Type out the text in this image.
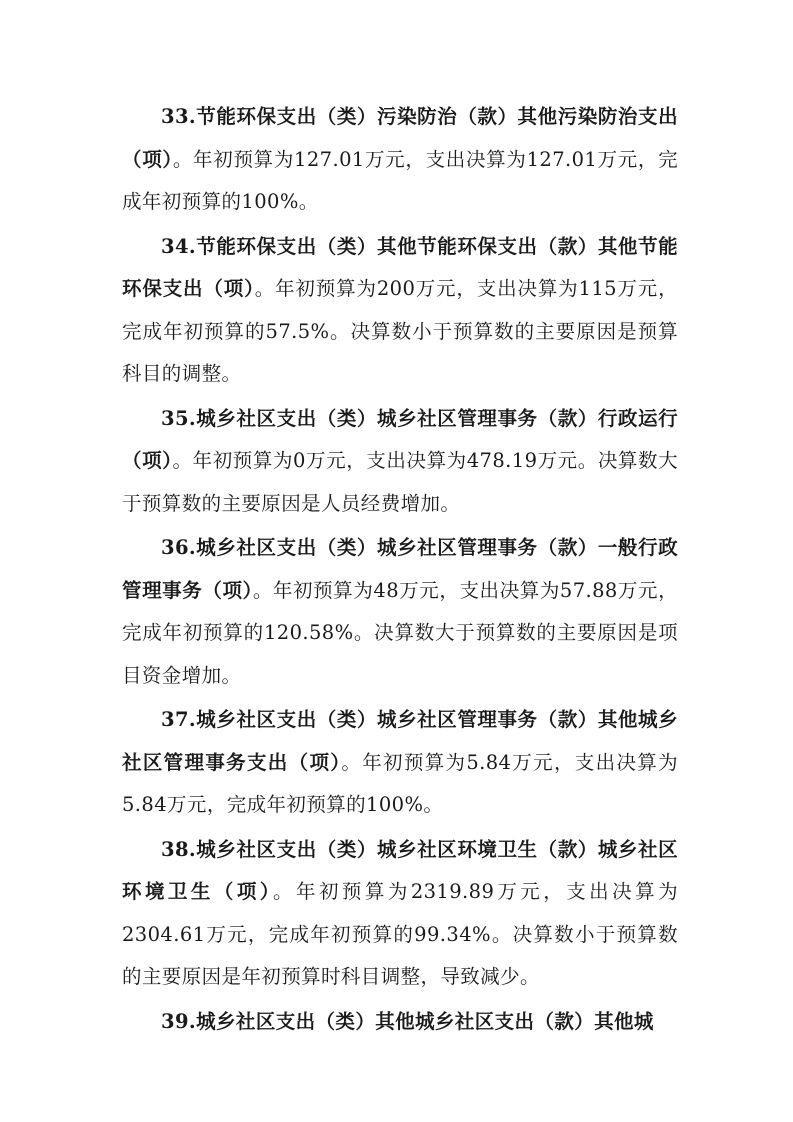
33.节能环保支出（类）污染防治（款）其他污染防治支出（项）。年初预算为127.01万元，支出决算为127.01万元，完成年初预算的100%。

34.节能环保支出（类）其他节能环保支出（款）其他节能环保支出（项）。年初预算为200万元，支出决算为115万元，完成年初预算的57.5%。决算数小于预算数的主要原因是预算科目的调整。

35.城乡社区支出（类）城乡社区管理事务（款）行政运行（项）。年初预算为0万元，支出决算为478.19万元。决算数大于预算数的主要原因是人员经费增加。

36.城乡社区支出（类）城乡社区管理事务（款）一般行政管理事务（项）。年初预算为48万元，支出决算为57.88万元，完成年初预算的120.58%。决算数大于预算数的主要原因是项目资金增加。

37.城乡社区支出（类）城乡社区管理事务（款）其他城乡社区管理事务支出（项）。年初预算为5.84万元，支出决算为5.84万元，完成年初预算的100%。

38.城乡社区支出（类）城乡社区环境卫生（款）城乡社区环境卫生（项）。年初预算为2319.89万元，支出决算为2304.61万元，完成年初预算的99.34%。决算数小于预算数的主要原因是年初预算时科目调整，导致减少。

39.城乡社区支出（类）其他城乡社区支出（款）其他城
